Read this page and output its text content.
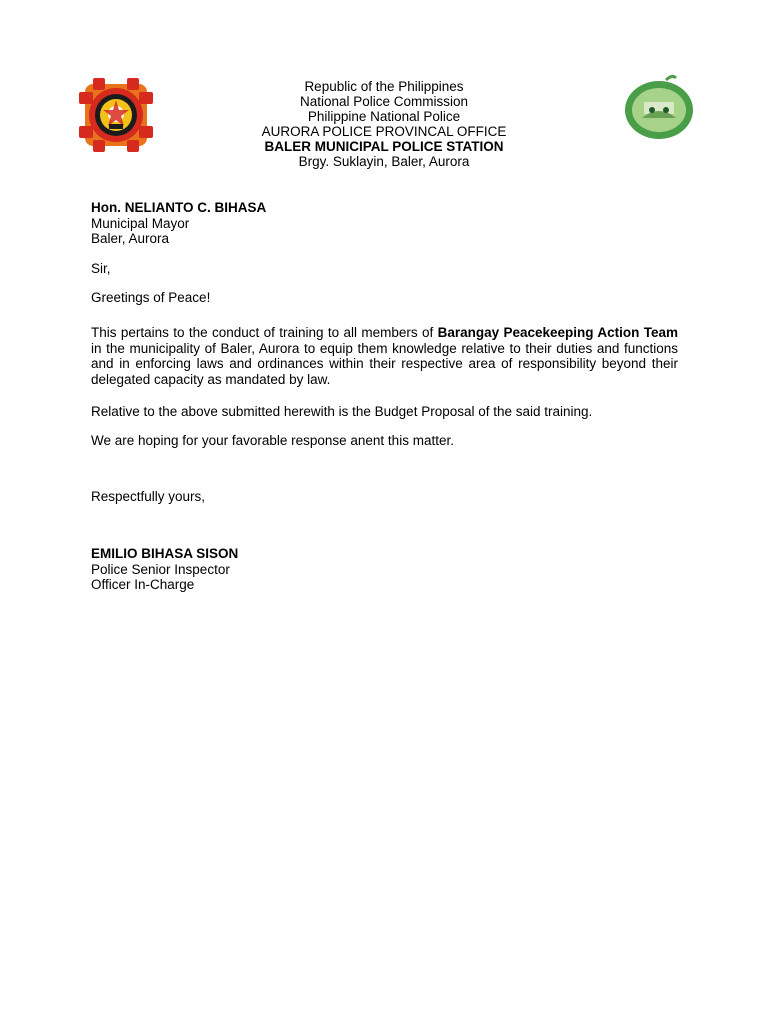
Republic of the Philippines
National Police Commission
Philippine National Police
AURORA POLICE PROVINCAL OFFICE
BALER MUNICIPAL POLICE STATION
Brgy. Suklayin, Baler, Aurora
Hon. NELIANTO C. BIHASA
Municipal Mayor
Baler, Aurora
Sir,
Greetings of Peace!
This pertains to the conduct of training to all members of Barangay Peacekeeping Action Team in the municipality of Baler, Aurora to equip them knowledge relative to their duties and functions and in enforcing laws and ordinances within their respective area of responsibility beyond their delegated capacity as mandated by law.
Relative to the above submitted herewith is the Budget Proposal of the said training.
We are hoping for your favorable response anent this matter.
Respectfully yours,
EMILIO BIHASA SISON
Police Senior Inspector
Officer In-Charge
